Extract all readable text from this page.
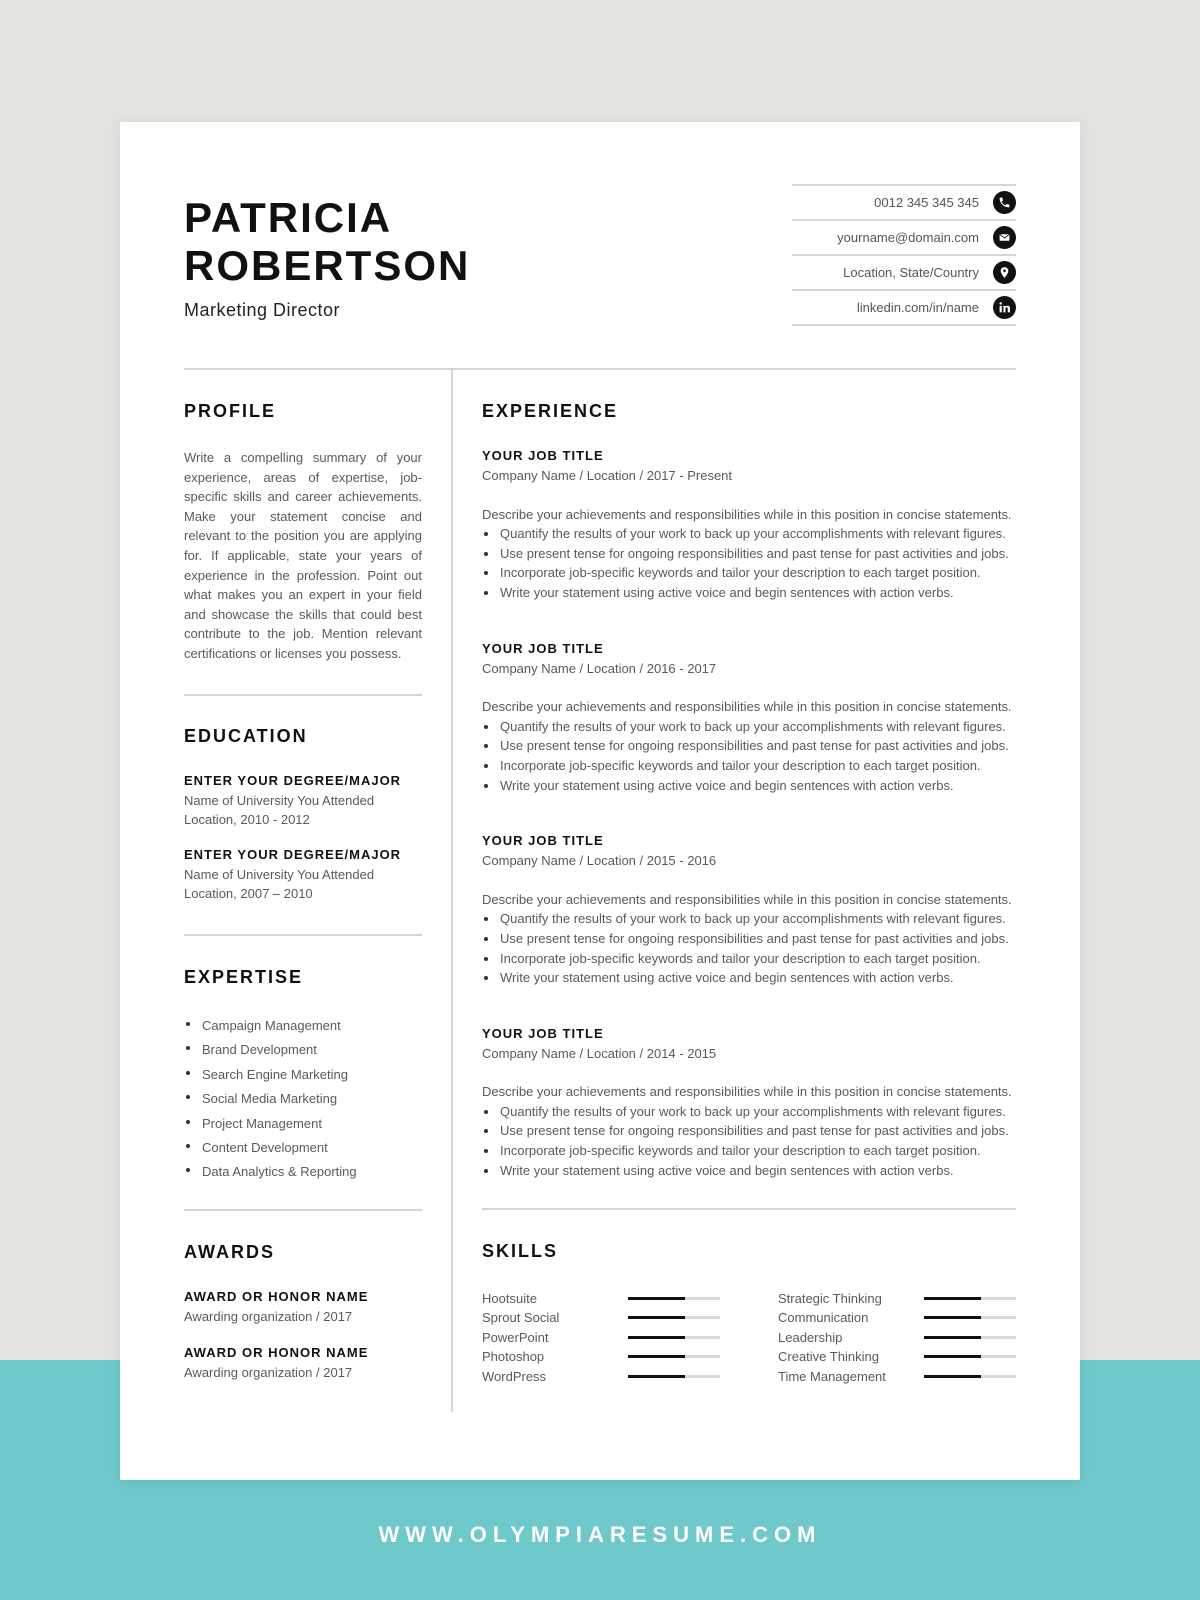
WWW.OLYMPIARESUME.COM
PATRICIA
ROBERTSON
Marketing Director
0012 345 345 345
yourname@domain.com
Location, State/Country
linkedin.com/in/name
PROFILE

Write a compelling summary of your experience, areas of expertise, job-specific skills and career achievements. Make your statement concise and relevant to the position you are applying for. If applicable, state your years of experience in the profession. Point out what makes you an expert in your field and showcase the skills that could best contribute to the job. Mention relevant certifications or licenses you possess.

EDUCATION
ENTER YOUR DEGREE/MAJOR
Name of University You Attended
Location, 2010 - 2012
ENTER YOUR DEGREE/MAJOR
Name of University You Attended
Location, 2007 – 2010
EXPERTISE
Campaign Management
Brand Development
Search Engine Marketing
Social Media Marketing
Project Management
Content Development
Data Analytics & Reporting
AWARDS
AWARD OR HONOR NAME
Awarding organization / 2017
AWARD OR HONOR NAME
Awarding organization / 2017
EXPERIENCE
YOUR JOB TITLE
Company Name / Location / 2017 - Present
Describe your achievements and responsibilities while in this position in concise statements.
Quantify the results of your work to back up your accomplishments with relevant figures.
Use present tense for ongoing responsibilities and past tense for past activities and jobs.
Incorporate job-specific keywords and tailor your description to each target position.
Write your statement using active voice and begin sentences with action verbs.
YOUR JOB TITLE
Company Name / Location / 2016 - 2017
Describe your achievements and responsibilities while in this position in concise statements.
Quantify the results of your work to back up your accomplishments with relevant figures.
Use present tense for ongoing responsibilities and past tense for past activities and jobs.
Incorporate job-specific keywords and tailor your description to each target position.
Write your statement using active voice and begin sentences with action verbs.
YOUR JOB TITLE
Company Name / Location / 2015 - 2016
Describe your achievements and responsibilities while in this position in concise statements.
Quantify the results of your work to back up your accomplishments with relevant figures.
Use present tense for ongoing responsibilities and past tense for past activities and jobs.
Incorporate job-specific keywords and tailor your description to each target position.
Write your statement using active voice and begin sentences with action verbs.
YOUR JOB TITLE
Company Name / Location / 2014 - 2015
Describe your achievements and responsibilities while in this position in concise statements.
Quantify the results of your work to back up your accomplishments with relevant figures.
Use present tense for ongoing responsibilities and past tense for past activities and jobs.
Incorporate job-specific keywords and tailor your description to each target position.
Write your statement using active voice and begin sentences with action verbs.
SKILLS
Hootsuite
Sprout Social
PowerPoint
Photoshop
WordPress
Strategic Thinking
Communication
Leadership
Creative Thinking
Time Management
